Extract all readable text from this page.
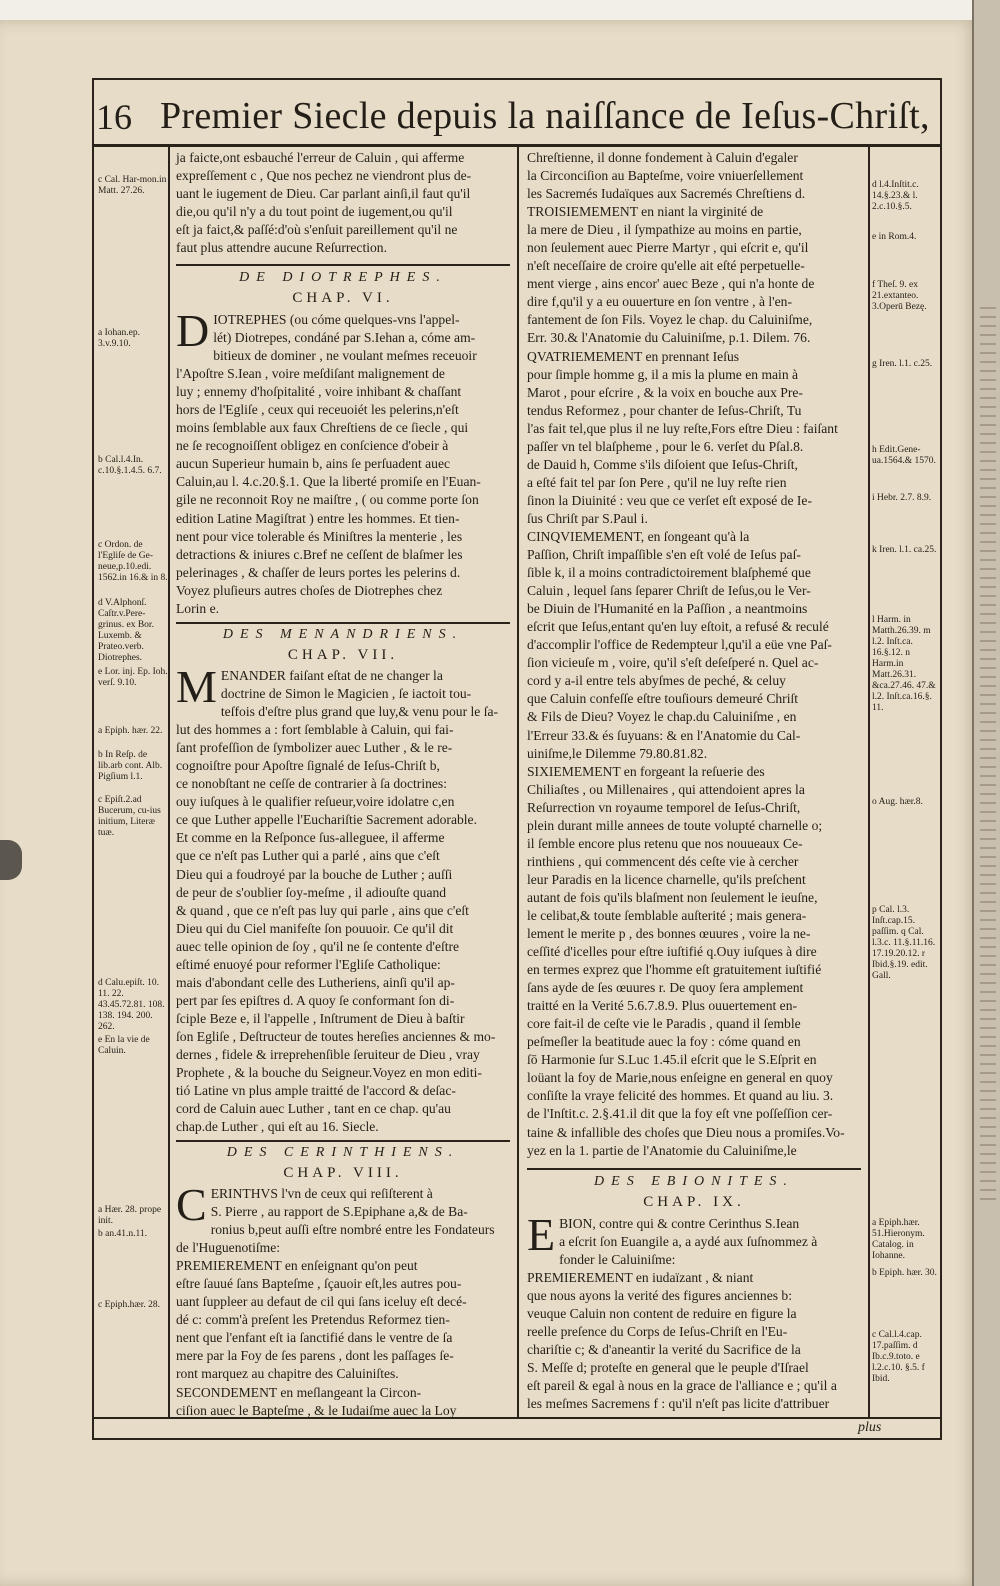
16 Premier Siecle depuis la naiſſance de Ieſus-Chriſt,
ja faicte,ont esbauché l'erreur de Caluin , qui afferme
expreſſement c , Que nos pechez ne viendront plus de-
uant le iugement de Dieu. Car parlant ainſi,il faut qu'il
die,ou qu'il n'y a du tout point de iugement,ou qu'il
eſt ja faict,& paſſé:d'où s'enſuit pareillement qu'il ne
faut plus attendre aucune Reſurrection.
DE DIOTREPHES.
CHAP. VI.
D IOTREPHES (ou cóme quelques-vns l'appel-
lét) Diotrepes, condáné par S.Iehan a, cóme am-
bitieux de dominer , ne voulant meſmes receuoir
l'Apoſtre S.Iean , voire meſdiſant malignement de
luy ; ennemy d'hoſpitalité , voire inhibant & chaſſant
hors de l'Egliſe , ceux qui receuoiét les pelerins,n'eſt
moins ſemblable aux faux Chreſtiens de ce ſiecle , qui
ne ſe recognoiſſent obligez en conſcience d'obeir à
aucun Superieur humain b, ains ſe perſuadent auec
Caluin,au l. 4.c.20.§.1. Que la liberté promiſe en l'Euan-
gile ne reconnoit Roy ne maiſtre , ( ou comme porte ſon
edition Latine Magiſtrat ) entre les hommes. Et tien-
nent pour vice tolerable és Miniſtres la menterie , les
detractions & iniures c.Bref ne ceſſent de blaſmer les
pelerinages , & chaſſer de leurs portes les pelerins d.
Voyez pluſieurs autres choſes de Diotrephes chez
Lorin e.
DES MENANDRIENS.
CHAP. VII.
M ENANDER faiſant eſtat de ne changer la
doctrine de Simon le Magicien , ſe iactoit tou-
teſfois d'eſtre plus grand que luy,& venu pour le ſa-
lut des hommes a : fort ſemblable à Caluin, qui fai-
ſant profeſſion de ſymbolizer auec Luther , & le re-
cognoiſtre pour Apoſtre ſignalé de Ieſus-Chriſt b,
ce nonobſtant ne ceſſe de contrarier à ſa doctrines:
ouy iuſques à le qualifier reſueur,voire idolatre c,en
ce que Luther appelle l'Euchariſtie Sacrement adorable.
Et comme en la Reſponce ſus-alleguee, il afferme
que ce n'eſt pas Luther qui a parlé , ains que c'eſt
Dieu qui a foudroyé par la bouche de Luther ; auſſi
de peur de s'oublier ſoy-meſme , il adiouſte quand
& quand , que ce n'eſt pas luy qui parle , ains que c'eſt
Dieu qui du Ciel manifeſte ſon pouuoir. Ce qu'il dit
auec telle opinion de ſoy , qu'il ne ſe contente d'eſtre
eſtimé enuoyé pour reformer l'Egliſe Catholique:
mais d'abondant celle des Lutheriens, ainſi qu'il ap-
pert par ſes epiſtres d. A quoy ſe conformant ſon di-
ſciple Beze e, il l'appelle , Inſtrument de Dieu à baſtir
ſon Egliſe , Deſtructeur de toutes hereſies anciennes & mo-
dernes , fidele & irreprehenſible ſeruiteur de Dieu , vray
Prophete , & la bouche du Seigneur.Voyez en mon editi-
tió Latine vn plus ample traitté de l'accord & deſac-
cord de Caluin auec Luther , tant en ce chap. qu'au
chap.de Luther , qui eſt au 16. Siecle.
DES CERINTHIENS.
CHAP. VIII.
C ERINTHVS l'vn de ceux qui reſiſterent à
S. Pierre , au rapport de S.Epiphane a,& de Ba-
ronius b,peut auſſi eſtre nombré entre les Fondateurs
de l'Huguenotiſme:
PREMIEREMENT en enſeignant qu'on peut
eſtre ſauué ſans Bapteſme , ſçauoir eſt,les autres pou-
uant ſuppleer au defaut de cil qui ſans iceluy eſt decé-
dé c: comm'à preſent les Pretendus Reformez tien-
nent que l'enfant eſt ia ſanctifié dans le ventre de ſa
mere par la Foy de ſes parens , dont les paſſages ſe-
ront marquez au chapitre des Caluiniſtes.
SECONDEMENT en meſlangeant la Circon-
ciſion auec le Bapteſme , & le Iudaiſme auec la Loy
Chreſtienne, il donne fondement à Caluin d'egaler
la Circonciſion au Bapteſme, voire vniuerſellement
les Sacremés Iudaïques aux Sacremés Chreſtiens d.
TROISIEMEMENT en niant la virginité de
la mere de Dieu , il ſympathize au moins en partie,
non ſeulement auec Pierre Martyr , qui eſcrit e, qu'il
n'eſt neceſſaire de croire qu'elle ait eſté perpetuelle-
ment vierge , ains encor' auec Beze , qui n'a honte de
dire f,qu'il y a eu ouuerture en ſon ventre , à l'en-
fantement de ſon Fils. Voyez le chap. du Caluiniſme,
Err. 30.& l'Anatomie du Caluiniſme, p.1. Dilem. 76.
QVATRIEMEMENT en prennant Ieſus
pour ſimple homme g, il a mis la plume en main à
Marot , pour eſcrire , & la voix en bouche aux Pre-
tendus Reformez , pour chanter de Ieſus-Chriſt, Tu
l'as fait tel,que plus il ne luy reſte,Fors eſtre Dieu : faiſant
paſſer vn tel blaſpheme , pour le 6. verſet du Pſal.8.
de Dauid h, Comme s'ils diſoient que Ieſus-Chriſt,
a eſté fait tel par ſon Pere , qu'il ne luy reſte rien
ſinon la Diuinité : veu que ce verſet eſt exposé de Ie-
ſus Chriſt par S.Paul i.
CINQVIEMEMENT, en ſongeant qu'à la
Paſſion, Chriſt impaſſible s'en eſt volé de Ieſus paſ-
ſible k, il a moins contradictoirement blaſphemé que
Caluin , lequel ſans ſeparer Chriſt de Ieſus,ou le Ver-
be Diuin de l'Humanité en la Paſſion , a neantmoins
eſcrit que Ieſus,entant qu'en luy eſtoit, a refusé & reculé
d'accomplir l'office de Redempteur l,qu'il a eüe vne Paſ-
ſion vicieuſe m , voire, qu'il s'eſt deſeſperé n. Quel ac-
cord y a-il entre tels abyſmes de peché, & celuy
que Caluin confeſſe eſtre touſiours demeuré Chriſt
& Fils de Dieu? Voyez le chap.du Caluiniſme , en
l'Erreur 33.& és ſuyuans: & en l'Anatomie du Cal-
uiniſme,le Dilemme 79.80.81.82.
SIXIEMEMENT en forgeant la reſuerie des
Chiliaſtes , ou Millenaires , qui attendoient apres la
Reſurrection vn royaume temporel de Ieſus-Chriſt,
plein durant mille annees de toute volupté charnelle o;
il ſemble encore plus retenu que nos nouueaux Ce-
rinthiens , qui commencent dés ceſte vie à cercher
leur Paradis en la licence charnelle, qu'ils preſchent
autant de fois qu'ils blaſment non ſeulement le ieuſne,
le celibat,& toute ſemblable auſterité ; mais genera-
lement le merite p , des bonnes œuures , voire la ne-
ceſſité d'icelles pour eſtre iuſtifié q.Ouy iuſques à dire
en termes exprez que l'homme eſt gratuitement iuſtifié
ſans ayde de ſes œuures r. De quoy ſera amplement
traitté en la Verité 5.6.7.8.9. Plus ouuertement en-
core fait-il de ceſte vie le Paradis , quand il ſemble
peſmeſler la beatitude auec la foy : cóme quand en
ſō Harmonie ſur S.Luc 1.45.il eſcrit que le S.Eſprit en
loüant la foy de Marie,nous enſeigne en general en quoy
conſiſte la vraye felicité des hommes. Et quand au liu. 3.
de l'Inſtit.c. 2.§.41.il dit que la foy eſt vne poſſeſſion cer-
taine & infallible des choſes que Dieu nous a promiſes.Vo-
yez en la 1. partie de l'Anatomie du Caluiniſme,le
DES EBIONITES.
CHAP. IX.
E BION, contre qui & contre Cerinthus S.Iean
a eſcrit ſon Euangile a, a aydé aux ſuſnommez à
fonder le Caluiniſme:
PREMIEREMENT en iudaïzant , & niant
que nous ayons la verité des figures anciennes b:
veuque Caluin non content de reduire en figure la
reelle preſence du Corps de Ieſus-Chriſt en l'Eu-
chariſtie c; & d'aneantir la verité du Sacrifice de la
S. Meſſe d; proteſte en general que le peuple d'Iſrael
eſt pareil & egal à nous en la grace de l'alliance e ; qu'il a
les meſmes Sacremens f : qu'il n'eſt pas licite d'attribuer
c Cal. Har-mon.in Matt. 27.26.
a Iohan.ep. 3.v.9.10.
b Cal.l.4.In. c.10.§.1.4.5. 6.7.
c Ordon. de l'Egliſe de Ge-neue,p.10.edi. 1562.in 16.& in 8.
d V.Alphonſ. Caſtr.v.Pere-grinus. ex Bor. Luxemb. & Prateo.verb. Diotrephes.
e Lor. inj. Ep. Ioh. verſ. 9.10.
a Epiph. hær. 22.
b In Reſp. de lib.arb cont. Alb. Pigſium l.1.
c Epiſt.2.ad Bucerum, cu-ius initium, Literæ tuæ.
d Calu.epiſt. 10. 11. 22. 43.45.72.81. 108. 138. 194. 200. 262.
e En la vie de Caluin.
a Hær. 28. prope init.
b an.41.n.11.
c Epiph.hær. 28.
d l.4.Inſtit.c. 14.§.23.& l. 2.c.10.§.5.
e in Rom.4.
f Theſ. 9. ex 21.extanteo. 3.Operū Bezę.
g Iren. l.1. c.25.
h Edit.Gene-ua.1564.& 1570.
i Hebr. 2.7. 8.9.
k Iren. l.1. ca.25.
l Harm. in Matth.26.39. m l.2. Inſt.ca. 16.§.12. n Harm.in Matt.26.31. &ca.27.46. 47.& l.2. Inſt.ca.16.§. 11.
o Aug. hær.8.
p Cal. l.3. Inſt.cap.15. paſſim. q Cal. l.3.c. 11.§.11.16. 17.19.20.12. r Ibid.§.19. edit. Gall.
a Epiph.hær. 51.Hieronym. Catalog. in Iohanne.
b Epiph. hær. 30.
c Cal.l.4.cap. 17.paſſim. d Ib.c.9.toto. e l.2.c.10. §.5. f Ibid.
plus
